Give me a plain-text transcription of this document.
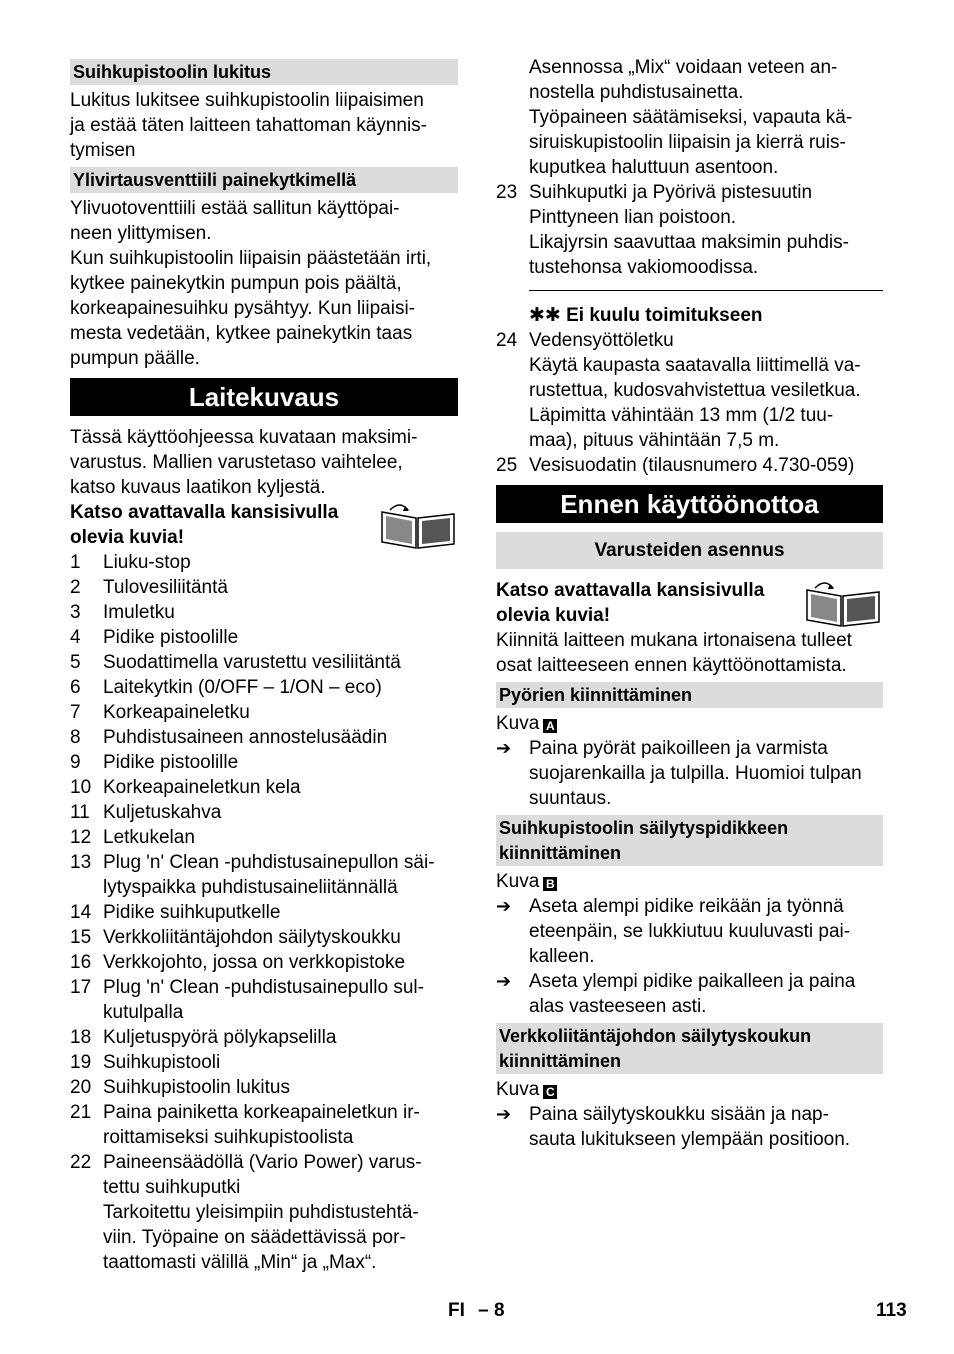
Suihkupistoolin lukitus

Lukitus lukitsee suihkupistoolin liipaisimen

ja estää täten laitteen tahattoman käynnis-

tymisen

Ylivirtausventtiili painekytkimellä

Ylivuotoventtiili estää sallitun käyttöpai-

neen ylittymisen.

Kun suihkupistoolin liipaisin päästetään irti,

kytkee painekytkin pumpun pois päältä,

korkeapainesuihku pysähtyy. Kun liipaisi-

mesta vedetään, kytkee painekytkin taas

pumpun päälle.

Laitekuvaus

Tässä käyttöohjeessa kuvataan maksimi-

varustus. Mallien varustetaso vaihtelee,

katso kuvaus laatikon kyljestä.

Katso avattavalla kansisivulla

olevia kuvia!

1	Liuku-stop

2	Tulovesiliitäntä

3	Imuletku

4	Pidike pistoolille

5	Suodattimella varustettu vesiliitäntä

6	Laitekytkin (0/OFF – 1/ON – eco)

7	Korkeapaineletku

8	Puhdistusaineen annostelusäädin

9	Pidike pistoolille

10 Korkeapaineletkun kela

11 Kuljetuskahva

12 Letkukelan

13 Plug 'n' Clean -puhdistusainepullon säi-

lytyspaikka puhdistusaineliitännällä

14 Pidike suihkuputkelle

15 Verkkoliitäntäjohdon säilytyskoukku

16 Verkkojohto, jossa on verkkopistoke

17 Plug 'n' Clean -puhdistusainepullo sul-

kutulpalla

18 Kuljetuspyörä pölykapselilla

19 Suihkupistooli

20 Suihkupistoolin lukitus

21 Paina painiketta korkeapaineletkun ir-

roittamiseksi suihkupistoolista

22 Paineensäädöllä (Vario Power) varus-

tettu suihkuputki

Tarkoitettu yleisimpiin puhdistustehtä-

viin. Työpaine on säädettävissä por-

taattomasti välillä „Min“ ja „Max“.

Asennossa „Mix“ voidaan veteen an-

nostella puhdistusainetta.

Työpaineen säätämiseksi, vapauta kä-

siruiskupistoolin liipaisin ja kierrä ruis-

kuputkea haluttuun asentoon.

23 Suihkuputki ja Pyörivä pistesuutin

Pinttyneen lian poistoon.

Likajyrsin saavuttaa maksimin puhdis-

tustehonsa vakiomoodissa.

✱✱ Ei kuulu toimitukseen

24 Vedensyöttöletku

Käytä kaupasta saatavalla liittimellä va-

rustettua, kudosvahvistettua vesiletkua.

Läpimitta vähintään 13 mm (1/2 tuu-

maa), pituus vähintään 7,5 m.

25 Vesisuodatin (tilausnumero 4.730-059)

Ennen käyttöönottoa
Varusteiden asennus

Katso avattavalla kansisivulla

olevia kuvia!

Kiinnitä laitteen mukana irtonaisena tulleet

osat laitteeseen ennen käyttöönottamista.

Pyörien kiinnittäminen

Kuva A

➔ Paina pyörät paikoilleen ja varmista

suojarenkailla ja tulpilla. Huomioi tulpan

suuntaus.

Suihkupistoolin säilytyspidikkeen

kiinnittäminen

Kuva B

➔ Aseta alempi pidike reikään ja työnnä

eteenpäin, se lukkiutuu kuuluvasti pai-

kalleen.

➔ Aseta ylempi pidike paikalleen ja paina

alas vasteeseen asti.

Verkkoliitäntäjohdon säilytyskoukun

kiinnittäminen

Kuva C

➔ Paina säilytyskoukku sisään ja nap-

sauta lukitukseen ylempään positioon.

FI – 8	113
